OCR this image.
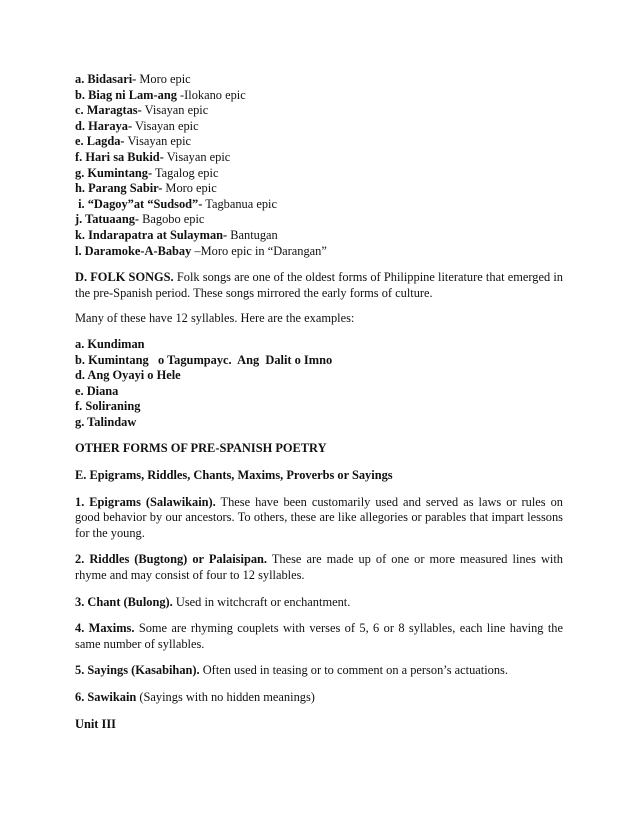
a. Bidasari- Moro epic
b. Biag ni Lam-ang -Ilokano epic
c. Maragtas- Visayan epic
d. Haraya- Visayan epic
e. Lagda- Visayan epic
f. Hari sa Bukid- Visayan epic
g. Kumintang- Tagalog epic
h. Parang Sabir- Moro epic
i. “Dagoy”at “Sudsod”- Tagbanua epic
j. Tatuaang- Bagobo epic
k. Indarapatra at Sulayman- Bantugan
l. Daramoke-A-Babay –Moro epic in “Darangan”

D. FOLK SONGS. Folk songs are one of the oldest forms of Philippine literature that emerged in the pre-Spanish period. These songs mirrored the early forms of culture.

Many of these have 12 syllables. Here are the examples:

a. Kundiman
b. Kumintang   o Tagumpayc.  Ang  Dalit o Imno
d. Ang Oyayi o Hele
e. Diana
f. Soliraning
g. Talindaw
OTHER FORMS OF PRE-SPANISH POETRY
E. Epigrams, Riddles, Chants, Maxims, Proverbs or Sayings

1. Epigrams (Salawikain). These have been customarily used and served as laws or rules on good behavior by our ancestors. To others, these are like allegories or parables that impart lessons for the young.

2. Riddles (Bugtong) or Palaisipan. These are made up of one or more measured lines with rhyme and may consist of four to 12 syllables.

3. Chant (Bulong). Used in witchcraft or enchantment.

4. Maxims. Some are rhyming couplets with verses of 5, 6 or 8 syllables, each line having the same number of syllables.

5. Sayings (Kasabihan). Often used in teasing or to comment on a person’s actuations.

6. Sawikain (Sayings with no hidden meanings)

Unit III
